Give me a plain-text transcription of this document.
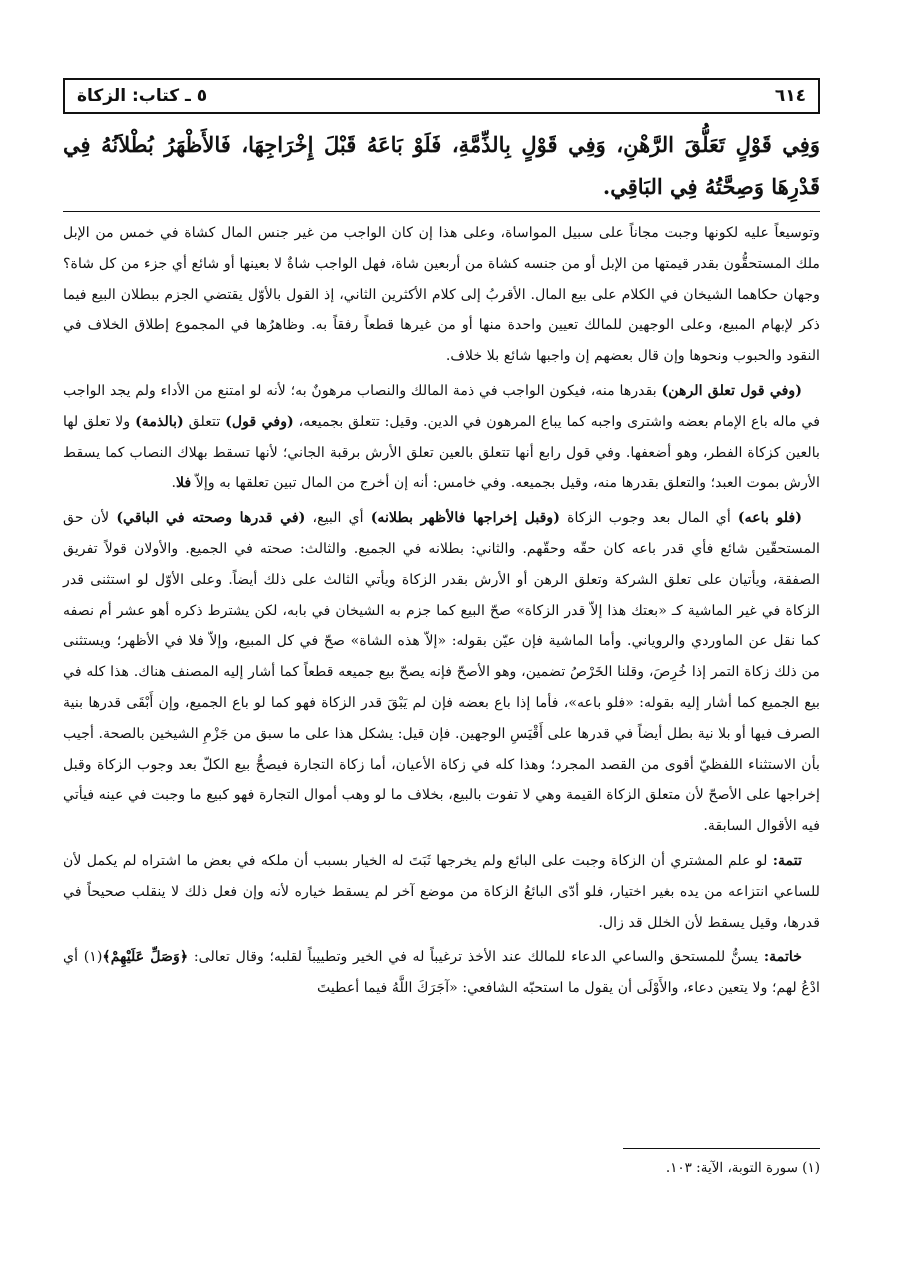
٦١٤
٥ ـ كتاب: الزكاة
وَفِي قَوْلٍ تَعَلُّقَ الرَّهْنِ، وَفِي قَوْلٍ بِالذِّمَّةِ، فَلَوْ بَاعَهُ قَبْلَ إِخْرَاجِهَا، فَالأَظْهَرُ بُطْلاَنُهُ فِي قَدْرِهَا وَصِحَّتُهُ فِي البَاقِي.

وتوسيعاً عليه لكونها وجبت مجاناً على سبيل المواساة، وعلى هذا إن كان الواجب من غير جنس المال كشاة في خمس من الإبل ملك المستحقُّون بقدر قيمتها من الإبل أو من جنسه كشاة من أربعين شاة، فهل الواجب شاةٌ لا بعينها أو شائع أي جزء من كل شاة؟ وجهان حكاهما الشيخان في الكلام على بيع المال. الأقربُ إلى كلام الأكثرين الثاني، إذ القول بالأوّل يقتضي الجزم ببطلان البيع فيما ذكر لإبهام المبيع، وعلى الوجهين للمالك تعيين واحدة منها أو من غيرها قطعاً رفقاً به. وظاهرُها في المجموع إطلاق الخلاف في النقود والحبوب ونحوها وإن قال بعضهم إن واجبها شائع بلا خلاف.

(وفي قول تعلق الرهن) بقدرها منه، فيكون الواجب في ذمة المالك والنصاب مرهونٌ به؛ لأنه لو امتنع من الأداء ولم يجد الواجب في ماله باع الإمام بعضه واشترى واجبه كما يباع المرهون في الدين. وقيل: تتعلق بجميعه، (وفي قول) تتعلق (بالذمة) ولا تعلق لها بالعين كزكاة الفطر، وهو أضعفها. وفي قول رابع أنها تتعلق بالعين تعلق الأرش برقبة الجاني؛ لأنها تسقط بهلاك النصاب كما يسقط الأرش بموت العبد؛ والتعلق بقدرها منه، وقيل بجميعه. وفي خامس: أنه إن أخرج من المال تبين تعلقها به وإلاّ فلا.

(فلو باعه) أي المال بعد وجوب الزكاة (وقبل إخراجها فالأظهر بطلانه) أي البيع، (في قدرها وصحته في الباقي) لأن حق المستحقّين شائع فأي قدر باعه كان حقّه وحقّهم. والثاني: بطلانه في الجميع. والثالث: صحته في الجميع. والأولان قولاً تفريق الصفقة، ويأتيان على تعلق الشركة وتعلق الرهن أو الأرش بقدر الزكاة ويأتي الثالث على ذلك أيضاً. وعلى الأوّل لو استثنى قدر الزكاة في غير الماشية كـ «بعتك هذا إلاّ قدر الزكاة» صحّ البيع كما جزم به الشيخان في بابه، لكن يشترط ذكره أهو عشر أم نصفه كما نقل عن الماوردي والروياني. وأما الماشية فإن عيّن بقوله: «إلاّ هذه الشاة» صحّ في كل المبيع، وإلاّ فلا في الأظهر؛ ويستثنى من ذلك زكاة التمر إذا خُرِصَ، وقلنا الخَرْصُ تضمين، وهو الأصحّ فإنه يصحّ بيع جميعه قطعاً كما أشار إليه المصنف هناك. هذا كله في بيع الجميع كما أشار إليه بقوله: «فلو باعه»، فأما إذا باع بعضه فإن لم يَبْقَ قدر الزكاة فهو كما لو باع الجميع، وإن أَبْقَى قدرها بنية الصرف فيها أو بلا نية بطل أيضاً في قدرها على أَقْيَسِ الوجهين. فإن قيل: يشكل هذا على ما سبق من جَزْمِ الشيخين بالصحة. أجيب بأن الاستثناء اللفظيّ أقوى من القصد المجرد؛ وهذا كله في زكاة الأعيان، أما زكاة التجارة فيصحُّ بيع الكلّ بعد وجوب الزكاة وقبل إخراجها على الأصحّ لأن متعلق الزكاة القيمة وهي لا تفوت بالبيع، بخلاف ما لو وهب أموال التجارة فهو كبيع ما وجبت في عينه فيأتي فيه الأقوال السابقة.

تتمة: لو علم المشتري أن الزكاة وجبت على البائع ولم يخرجها ثَبَتَ له الخيار بسبب أن ملكه في بعض ما اشتراه لم يكمل لأن للساعي انتزاعه من يده بغير اختيار، فلو أدّى البائعُ الزكاة من موضع آخر لم يسقط خياره لأنه وإن فعل ذلك لا ينقلب صحيحاً في قدرها، وقيل يسقط لأن الخلل قد زال.

خاتمة: يسنُّ للمستحق والساعي الدعاء للمالك عند الأخذ ترغيباً له في الخير وتطييباً لقلبه؛ وقال تعالى: ﴿وَصَلِّ عَلَيْهِمْ﴾(١) أي ادْعُ لهم؛ ولا يتعين دعاء، والأَوْلَى أن يقول ما استحبّه الشافعي: «آجَرَكَ اللَّهُ فيما أعطيتَ

(١) سورة التوبة، الآية: ١٠٣.
